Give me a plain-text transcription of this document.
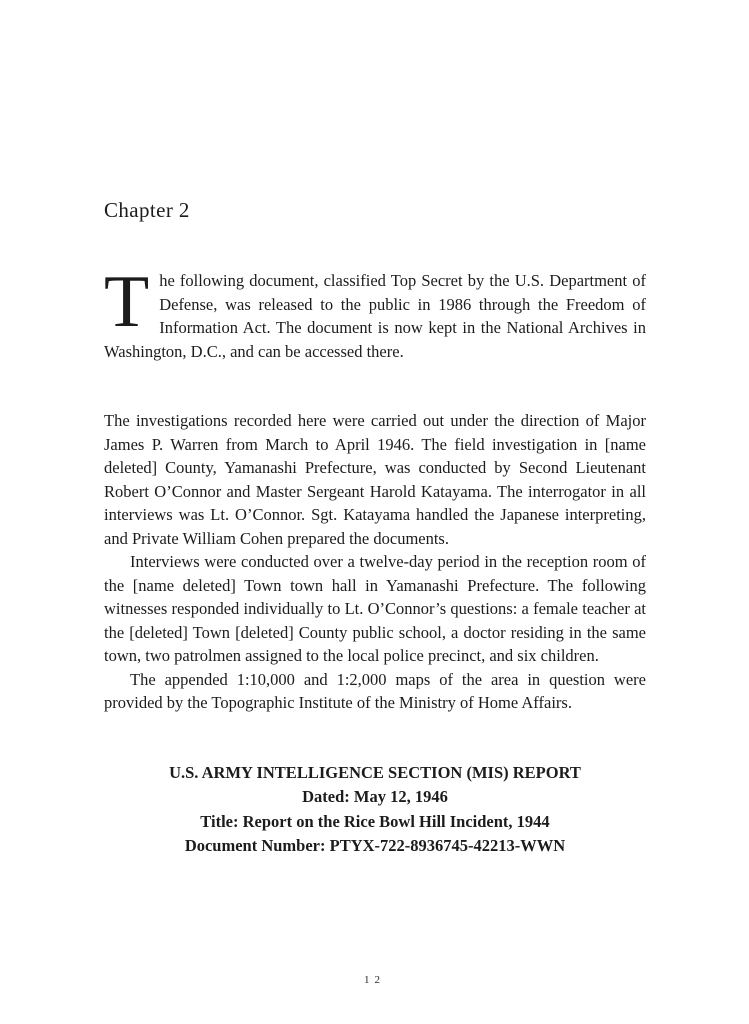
Chapter 2

The following document, classified Top Secret by the U.S. Department of Defense, was released to the public in 1986 through the Freedom of Information Act. The document is now kept in the National Archives in Washington, D.C., and can be accessed there.

The investigations recorded here were carried out under the direction of Major James P. Warren from March to April 1946. The field investigation in [name deleted] County, Yamanashi Prefecture, was conducted by Second Lieutenant Robert O’Connor and Master Sergeant Harold Katayama. The interrogator in all interviews was Lt. O’Connor. Sgt. Katayama handled the Japanese interpreting, and Private William Cohen prepared the documents.

Interviews were conducted over a twelve-day period in the reception room of the [name deleted] Town town hall in Yamanashi Prefecture. The following witnesses responded individually to Lt. O’Connor’s questions: a female teacher at the [deleted] Town [deleted] County public school, a doctor residing in the same town, two patrolmen assigned to the local police precinct, and six children.

The appended 1:10,000 and 1:2,000 maps of the area in question were provided by the Topographic Institute of the Ministry of Home Affairs.

U.S. ARMY INTELLIGENCE SECTION (MIS) REPORT

Dated: May 12, 1946

Title: Report on the Rice Bowl Hill Incident, 1944

Document Number: PTYX-722-8936745-42213-WWN

12
